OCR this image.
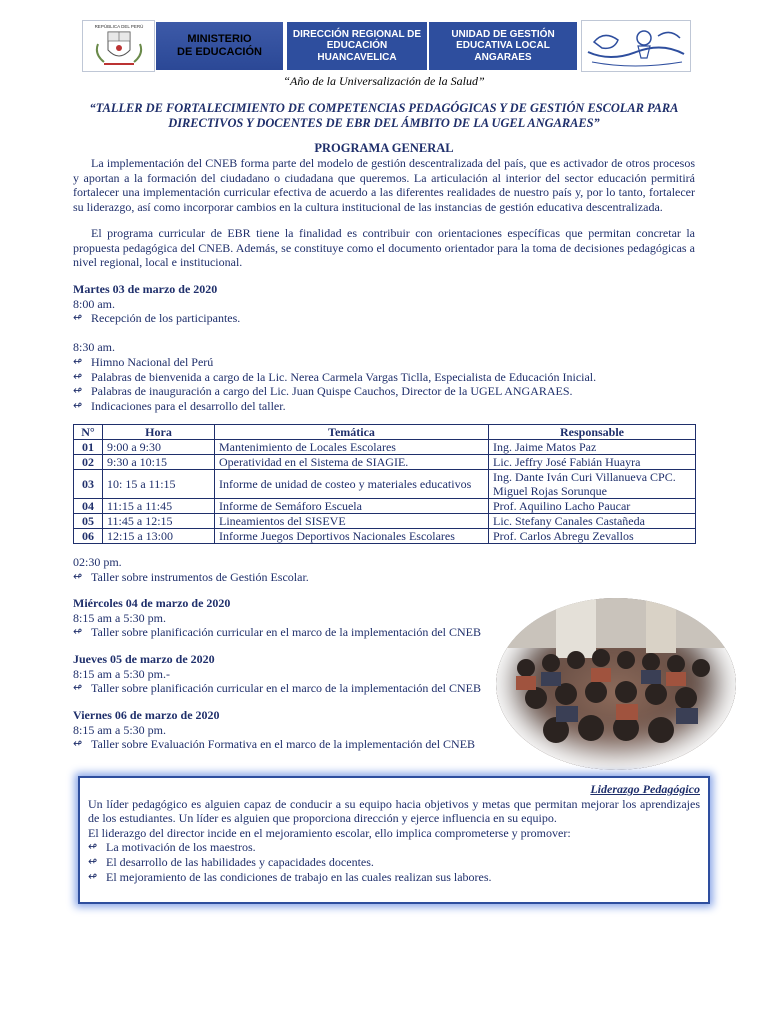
REPÚBLICA DEL PERÚ
MINISTERIO
DE EDUCACIÓN
DIRECCIÓN REGIONAL DE
EDUCACIÓN
HUANCAVELICA
UNIDAD DE GESTIÓN
EDUCATIVA LOCAL
ANGARAES
“Año de la Universalización de la Salud”
“TALLER DE FORTALECIMIENTO DE COMPETENCIAS PEDAGÓGICAS Y DE GESTIÓN ESCOLAR PARA
DIRECTIVOS Y DOCENTES DE EBR DEL ÁMBITO DE LA UGEL ANGARAES”
PROGRAMA GENERAL

La implementación del CNEB forma parte del modelo de gestión descentralizada del país, que es activador de otros procesos y aportan a la formación del ciudadano o ciudadana que queremos. La articulación al interior del sector educación permitirá fortalecer una implementación curricular efectiva de acuerdo a las diferentes realidades de nuestro país y, por lo tanto, fortalecer su liderazgo, así como incorporar cambios en la cultura institucional de las instancias de gestión educativa descentralizada.

El programa curricular de EBR tiene la finalidad es contribuir con orientaciones específicas que permitan concretar la propuesta pedagógica del CNEB. Además, se constituye como el documento orientador para la toma de decisiones pedagógicas a nivel regional, local e institucional.

Martes 03 de marzo de 2020
8:00 am.
↫ Recepción de los participantes.
8:30 am.
↫ Himno Nacional del Perú
↫ Palabras de bienvenida a cargo de la Lic. Nerea Carmela Vargas Ticlla, Especialista de Educación Inicial.
↫ Palabras de inauguración a cargo del Lic. Juan Quispe Cauchos, Director de la UGEL ANGARAES.
↫ Indicaciones para el desarrollo del taller.
N°	Hora	Temática	Responsable
01	9:00 a 9:30	Mantenimiento de Locales Escolares	Ing. Jaime Matos Paz
02	9:30 a 10:15	Operatividad en el Sistema de SIAGIE.	Lic. Jeffry José Fabián Huayra
03	10: 15 a 11:15	Informe de unidad de costeo y materiales educativos	Ing. Dante Iván Curi Villanueva CPC. Miguel Rojas Sorunque
04	11:15 a 11:45	Informe de Semáforo Escuela	Prof. Aquilino Lacho Paucar
05	11:45 a 12:15	Lineamientos del SISEVE	Lic. Stefany Canales Castañeda
06	12:15 a 13:00	Informe Juegos Deportivos Nacionales Escolares	Prof. Carlos Abregu Zevallos
02:30 pm.
↫ Taller sobre instrumentos de Gestión Escolar.
Miércoles 04 de marzo de 2020
8:15 am a 5:30 pm.
↫ Taller sobre planificación curricular en el marco de la implementación del CNEB
Jueves 05 de marzo de 2020
8:15 am a 5:30 pm.-
↫ Taller sobre planificación curricular en el marco de la implementación del CNEB
Viernes 06 de marzo de 2020
8:15 am a 5:30 pm.
↫ Taller sobre Evaluación Formativa en el marco de la implementación del CNEB
Liderazgo Pedagógico

Un líder pedagógico es alguien capaz de conducir a su equipo hacia objetivos y metas que permitan mejorar los aprendizajes de los estudiantes. Un líder es alguien que proporciona dirección y ejerce influencia en su equipo.

El liderazgo del director incide en el mejoramiento escolar, ello implica comprometerse y promover:

↫ La motivación de los maestros.
↫ El desarrollo de las habilidades y capacidades docentes.
↫ El mejoramiento de las condiciones de trabajo en las cuales realizan sus labores.
